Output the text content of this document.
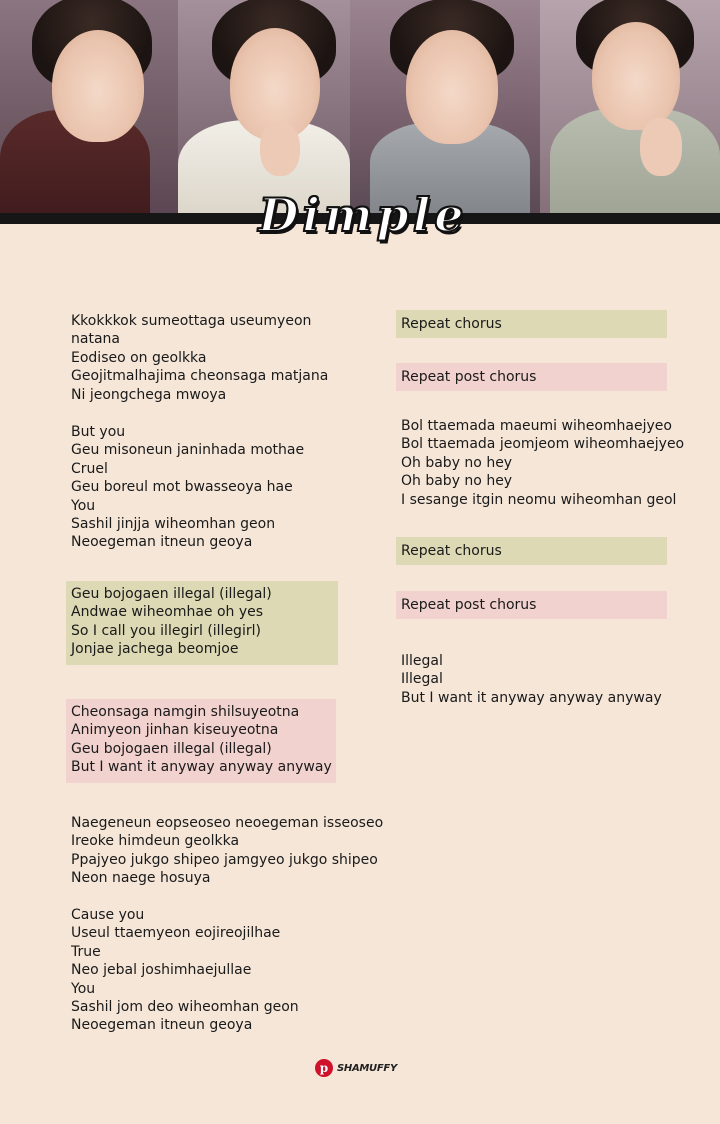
Dimple
Kkokkkok sumeottaga useumyeon
natana
Eodiseo on geolkka
Geojitmalhajima cheonsaga matjana
Ni jeongchega mwoya
But you
Geu misoneun janinhada mothae
Cruel
Geu boreul mot bwasseoya hae
You
Sashil jinjja wiheomhan geon
Neoegeman itneun geoya
Geu bojogaen illegal (illegal)
Andwae wiheomhae oh yes
So I call you illegirl (illegirl)
Jonjae jachega beomjoe
Cheonsaga namgin shilsuyeotna
Animyeon jinhan kiseuyeotna
Geu bojogaen illegal (illegal)
But I want it anyway anyway anyway
Naegeneun eopseoseo neoegeman isseoseo
Ireoke himdeun geolkka
Ppajyeo jukgo shipeo jamgyeo jukgo shipeo
Neon naege hosuya
Cause you
Useul ttaemyeon eojireojilhae
True
Neo jebal joshimhaejullae
You
Sashil jom deo wiheomhan geon
Neoegeman itneun geoya
Repeat chorus
Repeat post chorus
Bol ttaemada maeumi wiheomhaejyeo
Bol ttaemada jeomjeom wiheomhaejyeo
Oh baby no hey
Oh baby no hey
I sesange itgin neomu wiheomhan geol
Repeat chorus
Repeat post chorus
Illegal
Illegal
But I want it anyway anyway anyway
p SHAMUFFY
